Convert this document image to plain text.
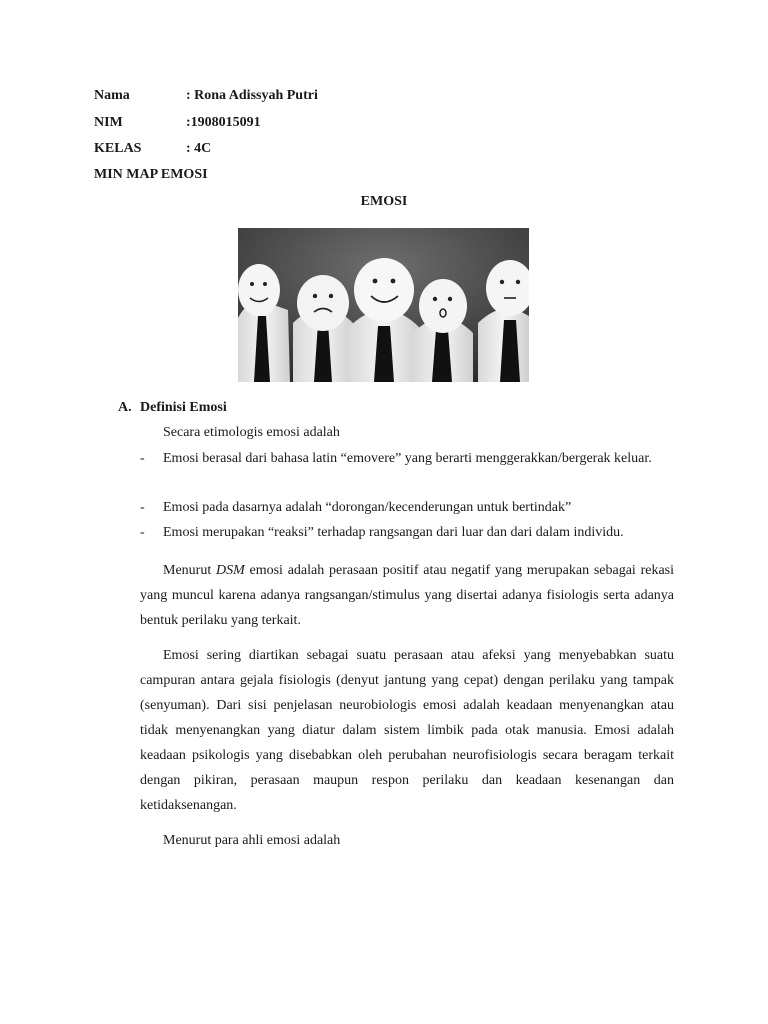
Nama	: Rona Adissyah Putri
NIM	:1908015091
KELAS	: 4C
MIN MAP EMOSI
EMOSI
A. Definisi Emosi
Secara etimologis emosi adalah
- Emosi berasal dari bahasa latin “emovere” yang berarti menggerakkan/bergerak keluar.
- Emosi pada dasarnya adalah “dorongan/kecenderungan untuk bertindak”
- Emosi merupakan “reaksi” terhadap rangsangan dari luar dan dari dalam individu.
Menurut DSM emosi adalah perasaan positif atau negatif yang merupakan sebagai rekasi yang muncul karena adanya rangsangan/stimulus yang disertai adanya fisiologis serta adanya bentuk perilaku yang terkait.
Emosi sering diartikan sebagai suatu perasaan atau afeksi yang menyebabkan suatu campuran antara gejala fisiologis (denyut jantung yang cepat) dengan perilaku yang tampak (senyuman). Dari sisi penjelasan neurobiologis emosi adalah keadaan menyenangkan atau tidak menyenangkan yang diatur dalam sistem limbik pada otak manusia. Emosi adalah keadaan psikologis yang disebabkan oleh perubahan neurofisiologis secara beragam terkait dengan pikiran, perasaan maupun respon perilaku dan keadaan kesenangan dan ketidaksenangan.
Menurut para ahli emosi adalah
